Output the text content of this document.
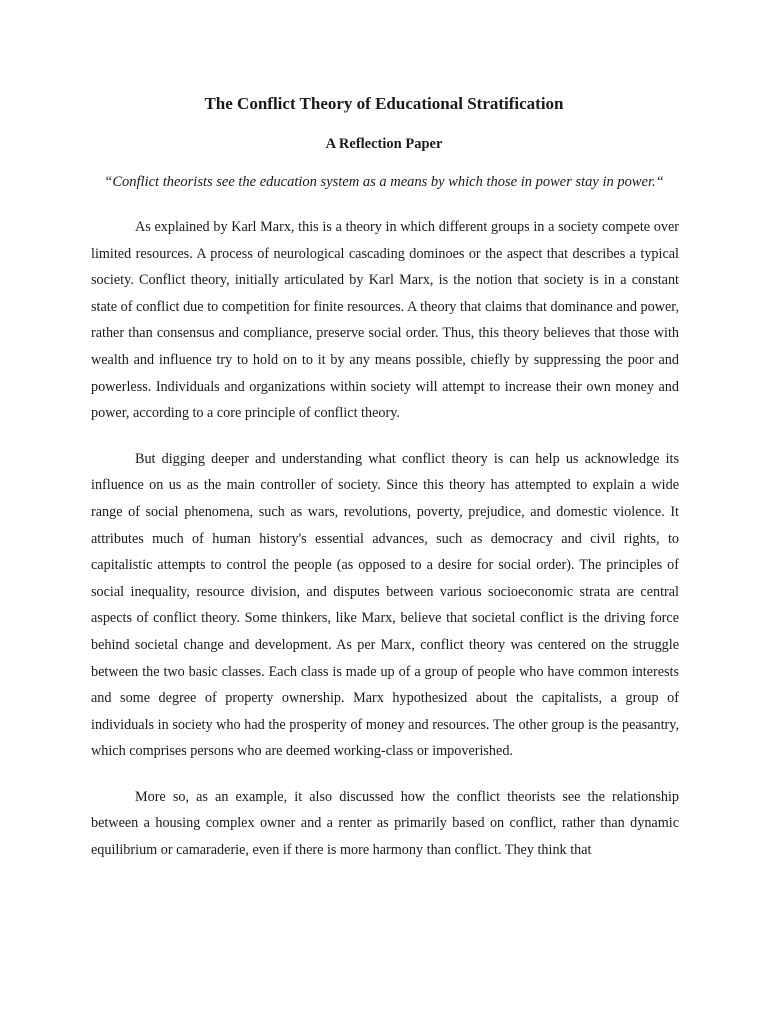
The Conflict Theory of Educational Stratification
A Reflection Paper
“Conflict theorists see the education system as a means by which those in power stay in power.“

As explained by Karl Marx, this is a theory in which different groups in a society compete over limited resources. A process of neurological cascading dominoes or the aspect that describes a typical society. Conflict theory, initially articulated by Karl Marx, is the notion that society is in a constant state of conflict due to competition for finite resources. A theory that claims that dominance and power, rather than consensus and compliance, preserve social order. Thus, this theory believes that those with wealth and influence try to hold on to it by any means possible, chiefly by suppressing the poor and powerless. Individuals and organizations within society will attempt to increase their own money and power, according to a core principle of conflict theory.

But digging deeper and understanding what conflict theory is can help us acknowledge its influence on us as the main controller of society. Since this theory has attempted to explain a wide range of social phenomena, such as wars, revolutions, poverty, prejudice, and domestic violence. It attributes much of human history's essential advances, such as democracy and civil rights, to capitalistic attempts to control the people (as opposed to a desire for social order). The principles of social inequality, resource division, and disputes between various socioeconomic strata are central aspects of conflict theory. Some thinkers, like Marx, believe that societal conflict is the driving force behind societal change and development. As per Marx, conflict theory was centered on the struggle between the two basic classes. Each class is made up of a group of people who have common interests and some degree of property ownership. Marx hypothesized about the capitalists, a group of individuals in society who had the prosperity of money and resources. The other group is the peasantry, which comprises persons who are deemed working-class or impoverished.

More so, as an example, it also discussed how the conflict theorists see the relationship between a housing complex owner and a renter as primarily based on conflict, rather than dynamic equilibrium or camaraderie, even if there is more harmony than conflict. They think that
